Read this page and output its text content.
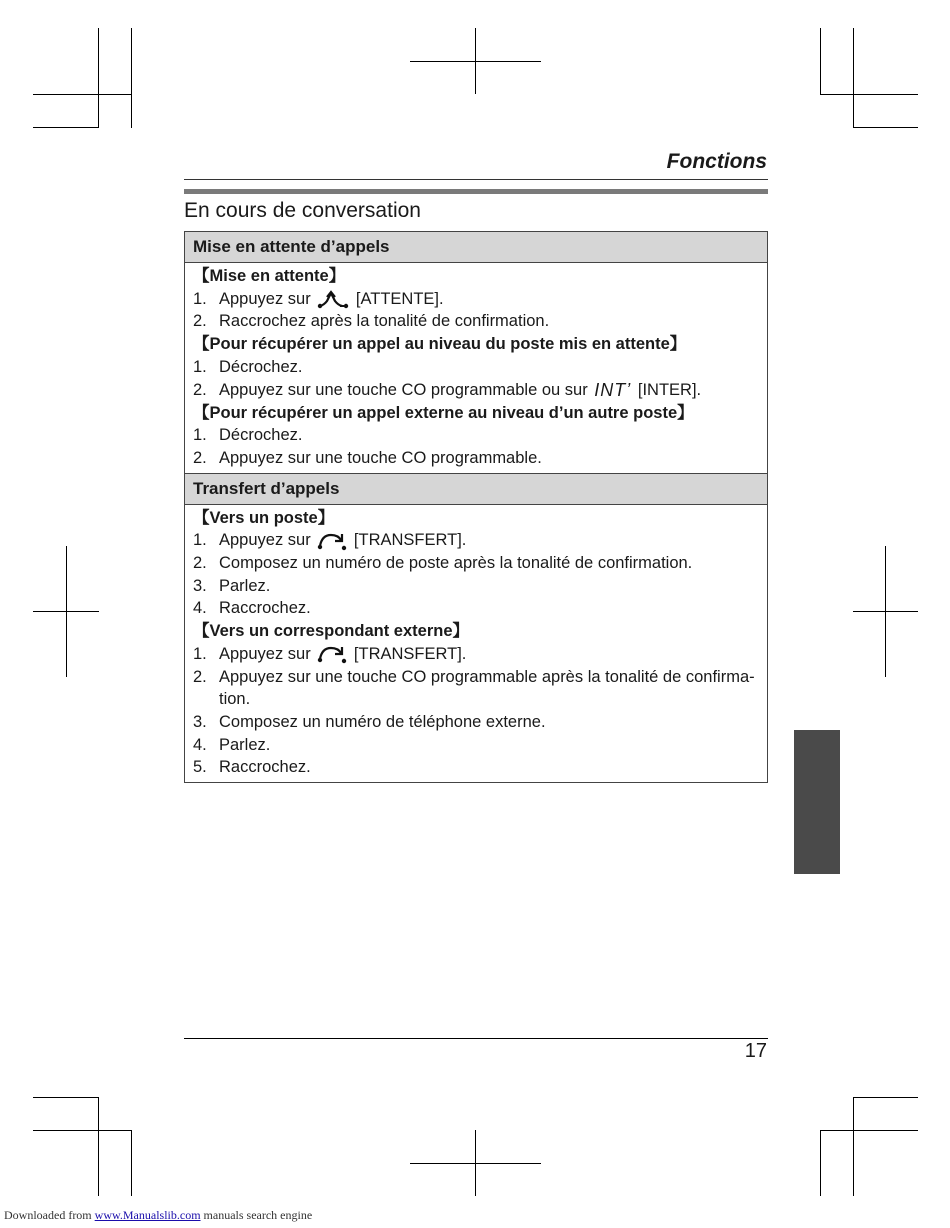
Fonctions
En cours de conversation
Mise en attente d’appels
【Mise en attente】
1. Appuyez sur	[ATTENTE].
2. Raccrochez après la tonalité de confirmation.
【Pour récupérer un appel au niveau du poste mis en attente】
1. Décrochez.
2. Appuyez sur une touche CO programmable ou sur INT’ [INTER].
【Pour récupérer un appel externe au niveau d’un autre poste】
1. Décrochez.
2. Appuyez sur une touche CO programmable.
Transfert d’appels
【Vers un poste】
1. Appuyez sur	[TRANSFERT].
2. Composez un numéro de poste après la tonalité de confirmation.
3. Parlez.
4. Raccrochez.
【Vers un correspondant externe】
1. Appuyez sur	[TRANSFERT].
2. Appuyez sur une touche CO programmable après la tonalité de confirma-tion.
3. Composez un numéro de téléphone externe.
4. Parlez.
5. Raccrochez.
17
Downloaded from www.Manualslib.com manuals search engine
